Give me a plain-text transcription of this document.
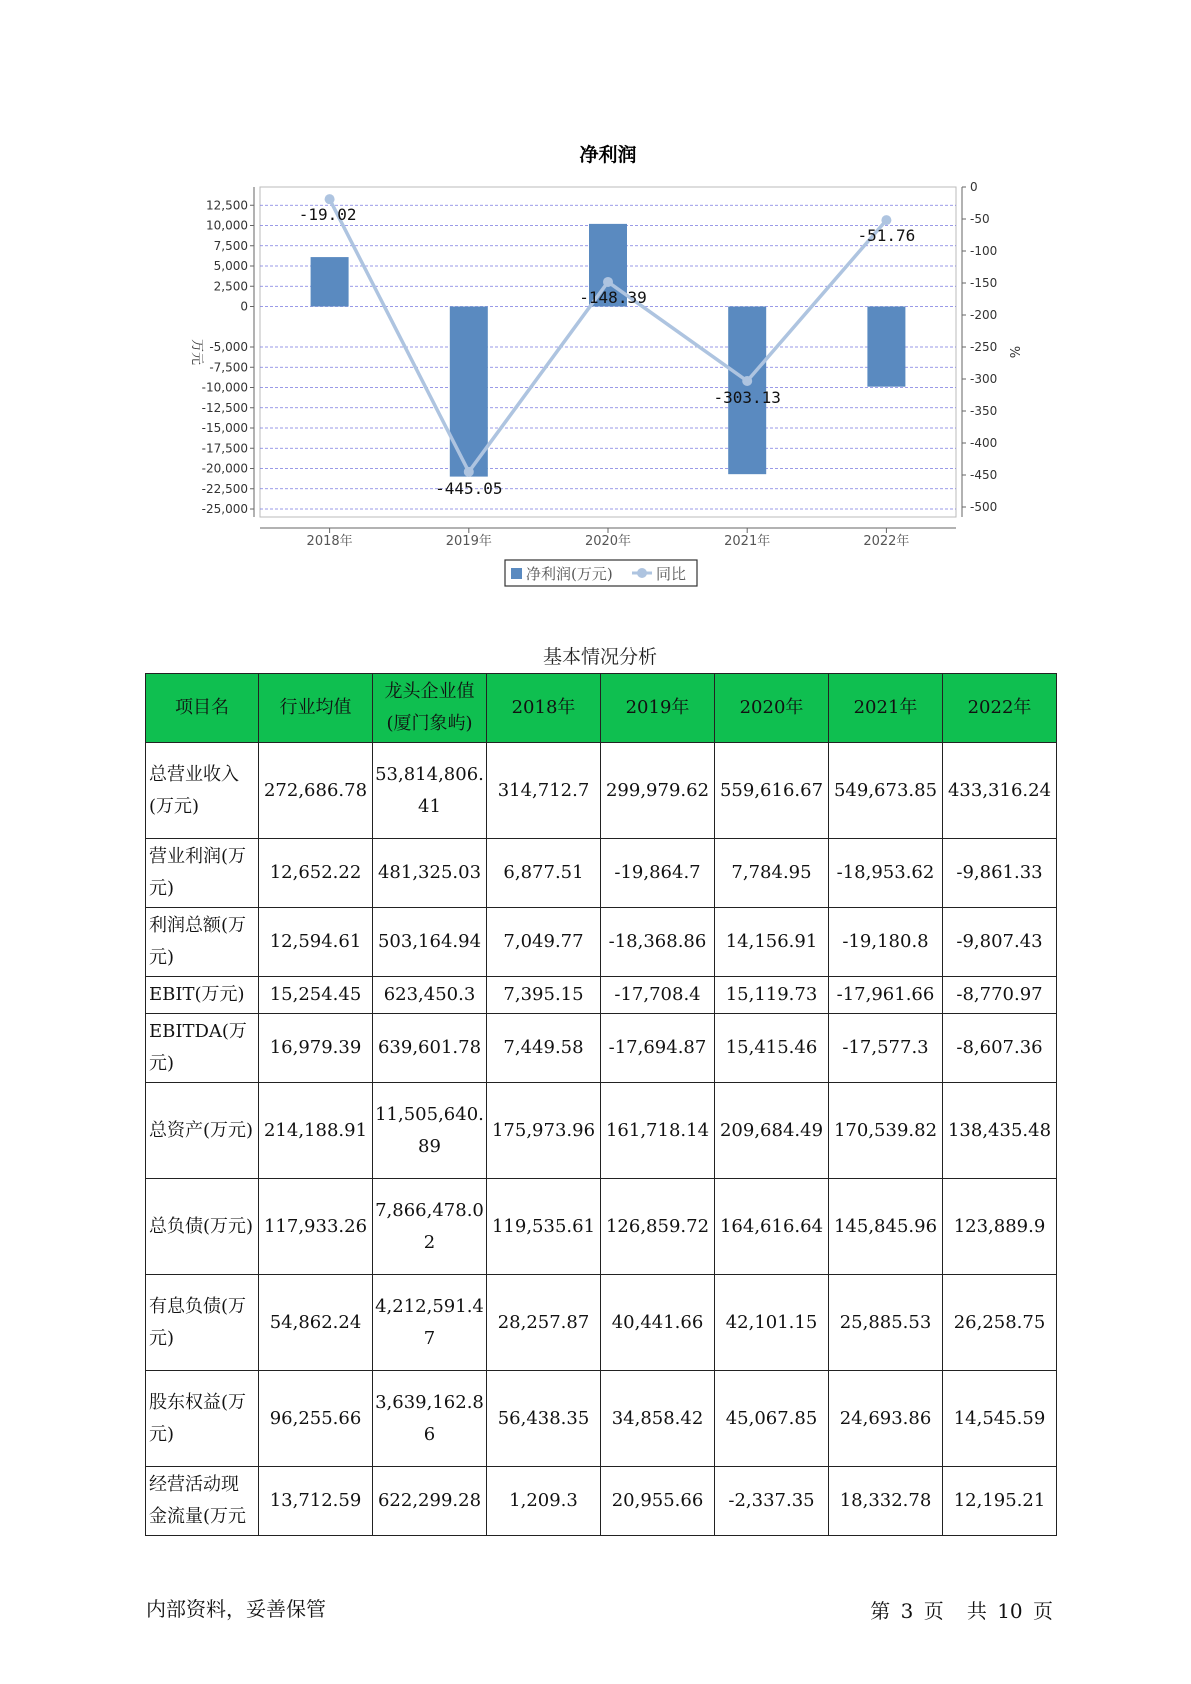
净利润
12,500
10,000
7,500
5,000
2,500
0
-5,000
-7,500
-10,000
-12,500
-15,000
-17,500
-20,000
-22,500
-25,000
0
-50
-100
-150
-200
-250
-300
-350
-400
-450
-500
-19.02
-445.05
-148.39
-303.13
-51.76
2018年	2019年	2020年	2021年	2022年
万元	%
净利润(万元)	同比
基本情况分析
项目名	行业均值	龙头企业值(厦门象屿)	2018年	2019年	2020年	2021年	2022年
总营业收入(万元)	272,686.78	53,814,806.41	314,712.7	299,979.62	559,616.67	549,673.85	433,316.24
营业利润(万元)	12,652.22	481,325.03	6,877.51	-19,864.7	7,784.95	-18,953.62	-9,861.33
利润总额(万元)	12,594.61	503,164.94	7,049.77	-18,368.86	14,156.91	-19,180.8	-9,807.43
EBIT(万元)	15,254.45	623,450.3	7,395.15	-17,708.4	15,119.73	-17,961.66	-8,770.97
EBITDA(万元)	16,979.39	639,601.78	7,449.58	-17,694.87	15,415.46	-17,577.3	-8,607.36
总资产(万元)	214,188.91	11,505,640.89	175,973.96	161,718.14	209,684.49	170,539.82	138,435.48
总负债(万元)	117,933.26	7,866,478.02	119,535.61	126,859.72	164,616.64	145,845.96	123,889.9
有息负债(万元)	54,862.24	4,212,591.47	28,257.87	40,441.66	42,101.15	25,885.53	26,258.75
股东权益(万元)	96,255.66	3,639,162.86	56,438.35	34,858.42	45,067.85	24,693.86	14,545.59
经营活动现金流量(万元	13,712.59	622,299.28	1,209.3	20,955.66	-2,337.35	18,332.78	12,195.21
内部资料，妥善保管	第 3 页 共 10 页
